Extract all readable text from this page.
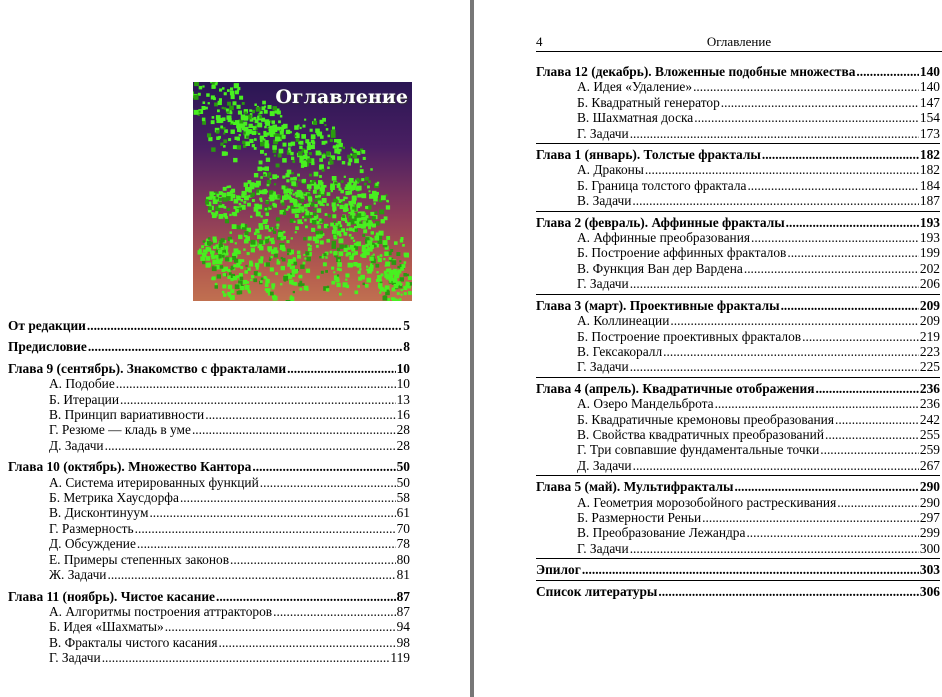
Оглавление
От редакции .....	5
Предисловие .....	8
Глава 9 (сентябрь). Знакомство с фракталами .....	10
А. Подобие .....	10
Б. Итерации .....	13
В. Принцип вариативности .....	16
Г. Резюме — кладь в уме .....	28
Д. Задачи .....	28
Глава 10 (октябрь). Множество Кантора .....	50
А. Система итерированных функций .....	50
Б. Метрика Хаусдорфа .....	58
В. Дисконтинуум .....	61
Г. Размерность .....	70
Д. Обсуждение .....	78
Е. Примеры степенных законов .....	80
Ж. Задачи .....	81
Глава 11 (ноябрь). Чистое касание .....	87
А. Алгоритмы построения аттракторов .....	87
Б. Идея «Шахматы» .....	94
В. Фракталы чистого касания .....	98
Г. Задачи .....	119
4	Оглавление
Глава 12 (декабрь). Вложенные подобные множества .....	140
А. Идея «Удаление» .....	140
Б. Квадратный генератор .....	147
В. Шахматная доска .....	154
Г. Задачи .....	173
Глава 1 (январь). Толстые фракталы .....	182
А. Драконы .....	182
Б. Граница толстого фрактала .....	184
В. Задачи .....	187
Глава 2 (февраль). Аффинные фракталы .....	193
А. Аффинные преобразования .....	193
Б. Построение аффинных фракталов .....	199
В. Функция Ван дер Вардена .....	202
Г. Задачи .....	206
Глава 3 (март). Проективные фракталы .....	209
А. Коллинеации .....	209
Б. Построение проективных фракталов .....	219
В. Гексакоралл .....	223
Г. Задачи .....	225
Глава 4 (апрель). Квадратичные отображения .....	236
А. Озеро Мандельброта .....	236
Б. Квадратичные кремоновы преобразования .....	242
В. Свойства квадратичных преобразований .....	255
Г. Три совпавшие фундаментальные точки .....	259
Д. Задачи .....	267
Глава 5 (май). Мультифракталы .....	290
А. Геометрия морозобойного растрескивания .....	290
Б. Размерности Реньи .....	297
В. Преобразование Лежандра .....	299
Г. Задачи .....	300
Эпилог .....	303
Список литературы .....	306
